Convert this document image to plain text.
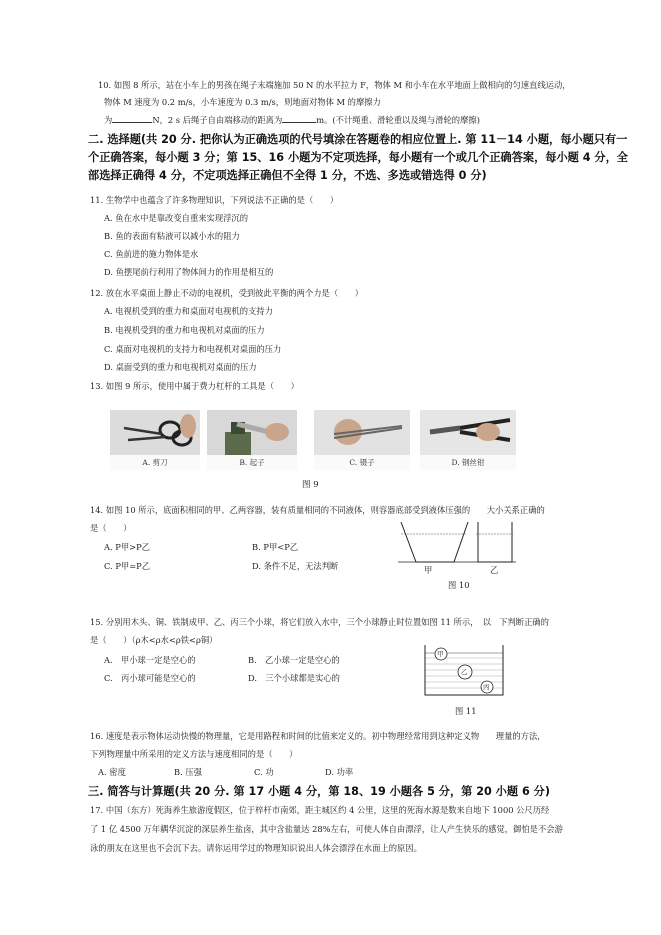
10. 如图 8 所示，站在小车上的男孩在绳子末端施加 50 N 的水平拉力 F，物体 M 和小车在水平地面上做相向的匀速直线运动，
物体 M 速度为 0.2 m/s，小车速度为 0.3 m/s，则地面对物体 M 的摩擦力
为	N，2 s 后绳子自由端移动的距离为	m。(不计绳重、滑轮重以及绳与滑轮的摩擦)
二. 选择题(共 20 分. 把你认为正确选项的代号填涂在答题卷的相应位置上. 第 11－14 小题，每小题只有一
个正确答案，每小题 3 分；第 15、16 小题为不定项选择，每小题有一个或几个正确答案，每小题 4 分，全
部选择正确得 4 分，不定项选择正确但不全得 1 分，不选、多选或错选得 0 分)
11. 生物学中也蕴含了许多物理知识，下列说法不正确的是（　　）
A. 鱼在水中是靠改变自重来实现浮沉的
B. 鱼的表面有粘液可以减小水的阻力
C. 鱼前进的施力物体是水
D. 鱼摆尾前行利用了物体间力的作用是相互的
12. 放在水平桌面上静止不动的电视机，受到彼此平衡的两个力是（　　）
A. 电视机受到的重力和桌面对电视机的支持力
B. 电视机受到的重力和电视机对桌面的压力
C. 桌面对电视机的支持力和电视机对桌面的压力
D. 桌面受到的重力和电视机对桌面的压力
13. 如图 9 所示，使用中属于费力杠杆的工具是（　　）
A. 剪刀	B. 起子	C. 镊子	D. 钢丝钳
图 9
14. 如图 10 所示，底面积相同的甲、乙两容器，装有质量相同的不同液体，则容器底部受到液体压强的　　大小关系正确的
是（　　）
A. P甲>P乙	B. P甲<P乙
C. P甲=P乙	D. 条件不足，无法判断	甲	乙
图 10
15. 分别用木头、铜、铁制成甲、乙、丙三个小球，将它们放入水中，三个小球静止时位置如图 11 所示，　以　下判断正确的
是（　　）（ρ木<ρ水<ρ铁<ρ铜）
A.　甲小球一定是空心的	B.　乙小球一定是空心的
C.　丙小球可能是空心的	D.　三个小球都是实心的
甲
乙
丙
图 11
16. 速度是表示物体运动快慢的物理量，它是用路程和时间的比值来定义的。初中物理经常用到这种定义物　　理量的方法，
下列物理量中所采用的定义方法与速度相同的是（　　）
A. 密度	B. 压强	C. 功	D. 功率
三. 简答与计算题(共 20 分. 第 17 小题 4 分，第 18、19 小题各 5 分，第 20 小题 6 分)
17. 中国（东方）死海养生旅游度假区，位于梓杆市南郊，距主城区约 4 公里，这里的死海水源是数来自地下 1000 公尺历经
了 1 亿 4500 万年耦华沉淀的深层养生盐卤，其中含盐量达 28%左右，可使人体自由漂浮，让人产生快乐的感觉，御怕是不会游
泳的朋友在这里也不会沉下去。请你运用学过的物理知识说出人体会漂浮在水面上的原因。
